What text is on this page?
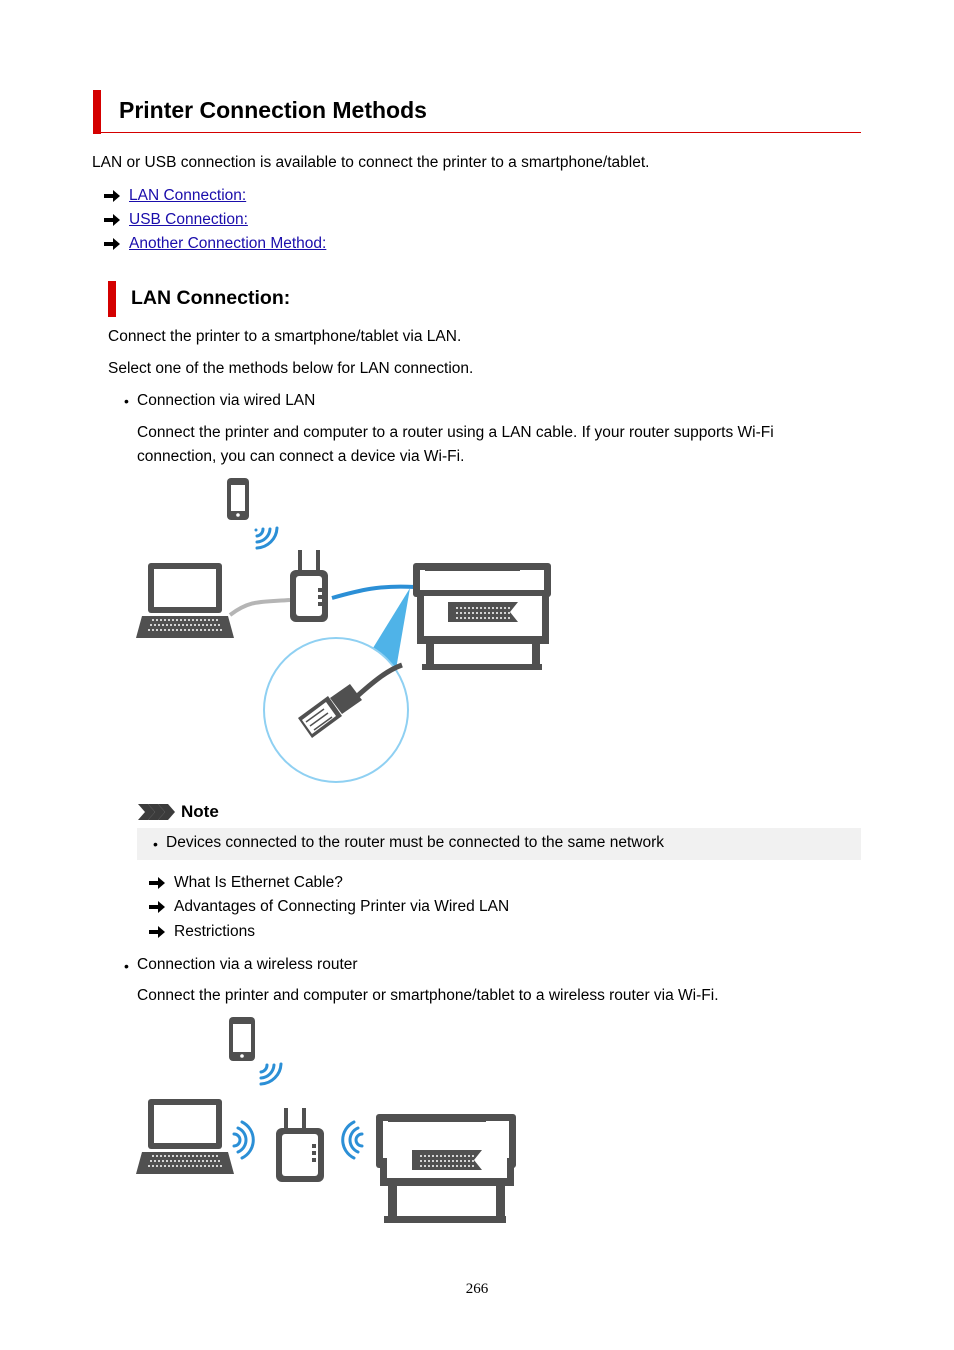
Printer Connection Methods
LAN or USB connection is available to connect the printer to a smartphone/tablet.
LAN Connection:
USB Connection:
Another Connection Method:
LAN Connection:
Connect the printer to a smartphone/tablet via LAN.
Select one of the methods below for LAN connection.
• Connection via wired LAN
Connect the printer and computer to a router using a LAN cable. If your router supports Wi-Fi
connection, you can connect a device via Wi-Fi.
Note
• Devices connected to the router must be connected to the same network
What Is Ethernet Cable?
Advantages of Connecting Printer via Wired LAN
Restrictions
• Connection via a wireless router
Connect the printer and computer or smartphone/tablet to a wireless router via Wi-Fi.
266
